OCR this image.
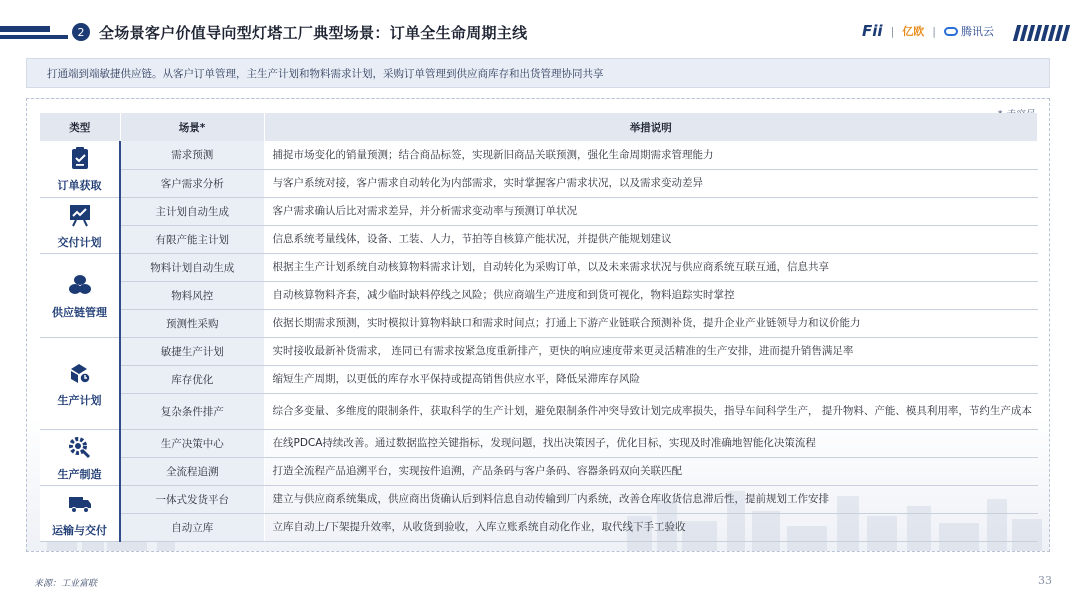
2 全场景客户价值导向型灯塔工厂典型场景：订单全生命周期主线	Fii | 亿欧 | 腾讯云
打通端到端敏捷供应链。从客户订单管理，主生产计划和物料需求计划，采购订单管理到供应商库存和出货管理协同共享
类型	场景*	举措说明

订单获取	需求预测	捕捉市场变化的销量预测；结合商品标签，实现新旧商品关联预测，强化生命周期需求管理能力
	客户需求分析	与客户系统对接，客户需求自动转化为内部需求，实时掌握客户需求状况，以及需求变动差异

交付计划	主计划自动生成	客户需求确认后比对需求差异，并分析需求变动率与预测订单状况
	有限产能主计划	信息系统考量线体，设备、工装、人力，节拍等自核算产能状况，并提供产能规划建议

供应链管理	物料计划自动生成	根据主生产计划系统自动核算物料需求计划，自动转化为采购订单，以及未来需求状况与供应商系统互联互通，信息共享
	物料风控	自动核算物料齐套，减少临时缺料停线之风险；供应商端生产进度和到货可视化，物料追踪实时掌控
	预测性采购	依据长期需求预测，实时模拟计算物料缺口和需求时间点；打通上下游产业链联合预测补货，提升企业产业链领导力和议价能力

生产计划	敏捷生产计划	实时接收最新补货需求， 连同已有需求按紧急度重新排产，更快的响应速度带来更灵活精准的生产安排，进而提升销售满足率
	库存优化	缩短生产周期，以更低的库存水平保持或提高销售供应水平，降低呆滞库存风险
	复杂条件排产	综合多变量、多维度的限制条件，获取科学的生产计划，避免限制条件冲突导致计划完成率损失，指导车间科学生产， 提升物料、产能、模具利用率，节约生产成本

生产制造	生产决策中心	在线PDCA持续改善。通过数据监控关键指标，发现问题，找出决策因子，优化目标，实现及时准确地智能化决策流程
	全流程追溯	打造全流程产品追溯平台，实现按件追溯，产品条码与客户条码、容器条码双向关联匹配

运输与交付	一体式发货平台	建立与供应商系统集成，供应商出货确认后到料信息自动传输到厂内系统，改善仓库收货信息滞后性，提前规划工作安排
	自动立库	立库自动上/下架提升效率，从收货到验收，入库立账系统自动化作业，取代线下手工验收
来源：工业富联	33
